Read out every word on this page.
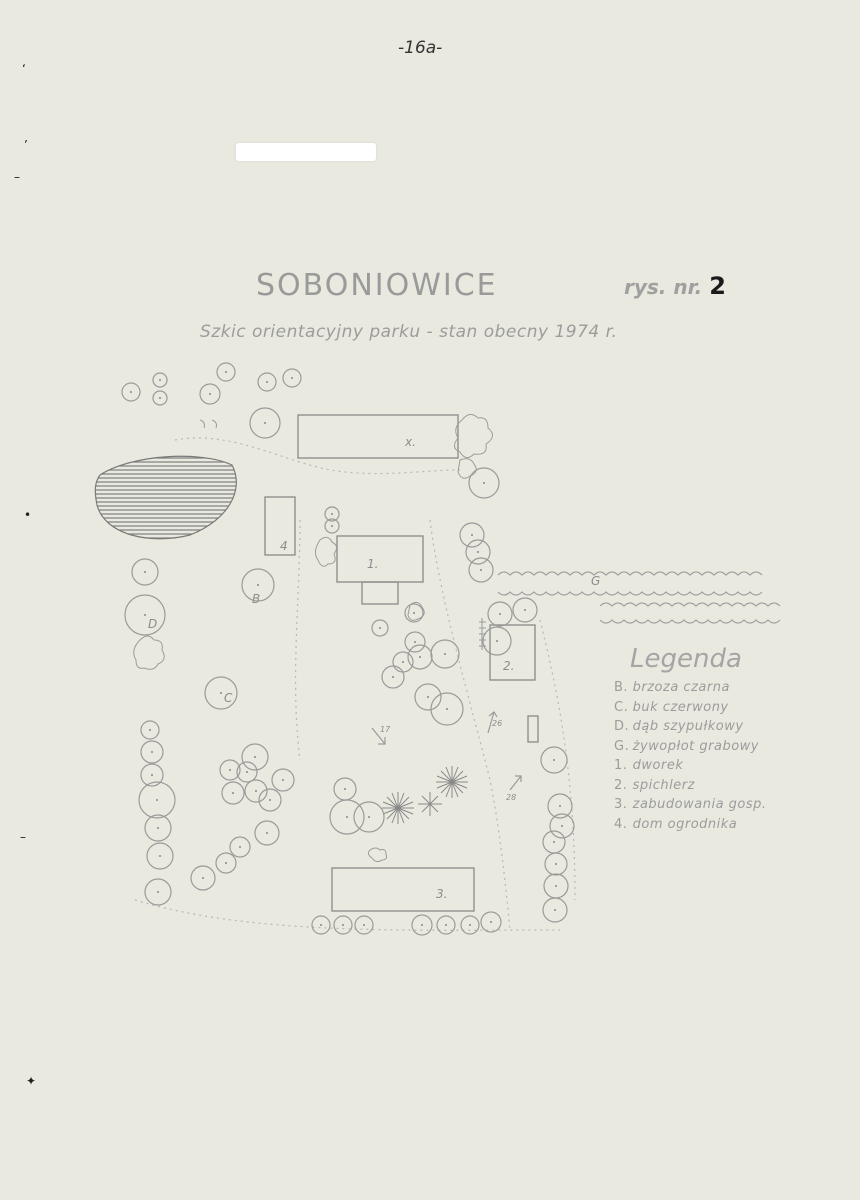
-16a-
SOBONIOWICE	rys. nr. 2
Szkic orientacyjny parku - stan obecny 1974 r.
x.
1.
4
2.
3.
B
C
D
G
17
26
28
Legenda
B. brzoza czarna
C. buk czerwony
D. dąb szypułkowy
G. żywopłot grabowy
1. dworek
2. spichlerz
3. zabudowania gosp.
4. dom ogrodnika
‘
’
–
•
–
✦
